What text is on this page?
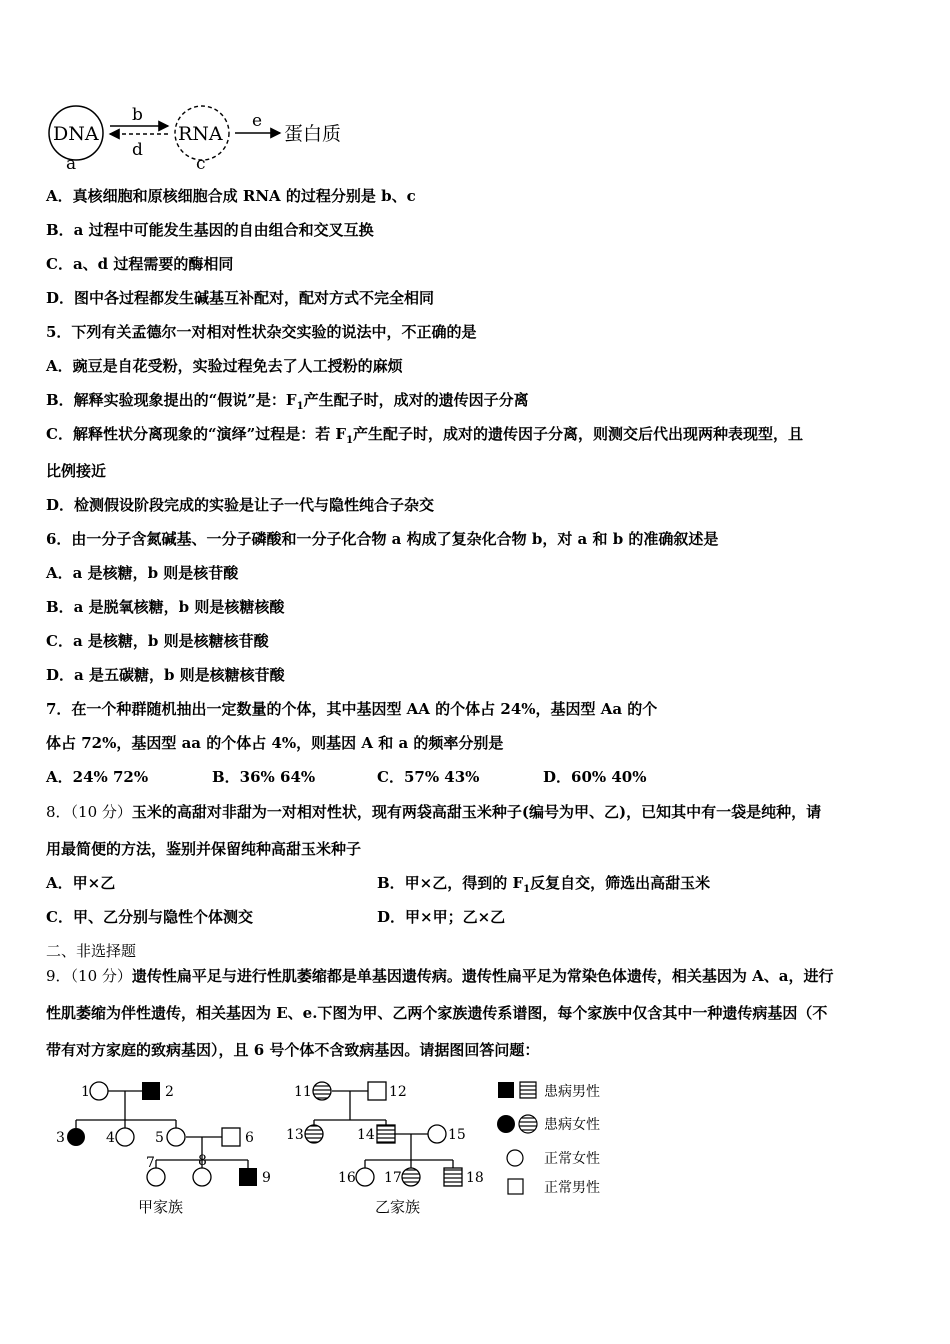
DNA
a
b
d
RNA
c
e
蛋白质
A．真核细胞和原核细胞合成 RNA 的过程分别是 b、c
B．a 过程中可能发生基因的自由组合和交叉互换
C．a、d 过程需要的酶相同
D．图中各过程都发生碱基互补配对，配对方式不完全相同
5．下列有关孟德尔一对相对性状杂交实验的说法中，不正确的是
A．豌豆是自花受粉，实验过程免去了人工授粉的麻烦
B．解释实验现象提出的“假说”是：$F_1$产生配子时，成对的遗传因子分离
C．解释性状分离现象的“演绎”过程是：若 $F_1$产生配子时，成对的遗传因子分离，则测交后代出现两种表现型，且
比例接近
D．检测假设阶段完成的实验是让子一代与隐性纯合子杂交
6．由一分子含氮碱基、一分子磷酸和一分子化合物 a 构成了复杂化合物 b，对 a 和 b 的准确叙述是
A．a 是核糖，b 则是核苷酸
B．a 是脱氧核糖，b 则是核糖核酸
C．a 是核糖，b 则是核糖核苷酸
D．a 是五碳糖，b 则是核糖核苷酸
7．在一个种群随机抽出一定数量的个体，其中基因型 AA 的个体占 24%，基因型 Aa 的个
体占 72%，基因型 aa 的个体占 4%，则基因 A 和 a 的频率分别是
A．24% 72%	B．36% 64%	C．57% 43%	D．60% 40%
8．（10 分）玉米的高甜对非甜为一对相对性状，现有两袋高甜玉米种子(编号为甲、乙)，已知其中有一袋是纯种，请
用最简便的方法，鉴别并保留纯种高甜玉米种子
A．甲×乙	B．甲×乙，得到的 $F_1$反复自交，筛选出高甜玉米
C．甲、乙分别与隐性个体测交	D．甲×甲；乙×乙
二、非选择题
9．（10 分）遗传性扁平足与进行性肌萎缩都是单基因遗传病。遗传性扁平足为常染色体遗传，相关基因为 A、a，进行
性肌萎缩为伴性遗传，相关基因为 E、e.下图为甲、乙两个家族遗传系谱图，每个家族中仅含其中一种遗传病基因（不
带有对方家庭的致病基因），且 6 号个体不含致病基因。请据图回答问题：
1	2
3	4	5	6
7	8
9
甲家族
11	12
13	14	15
16 17	18
乙家族
患病男性
患病女性
正常女性
正常男性
